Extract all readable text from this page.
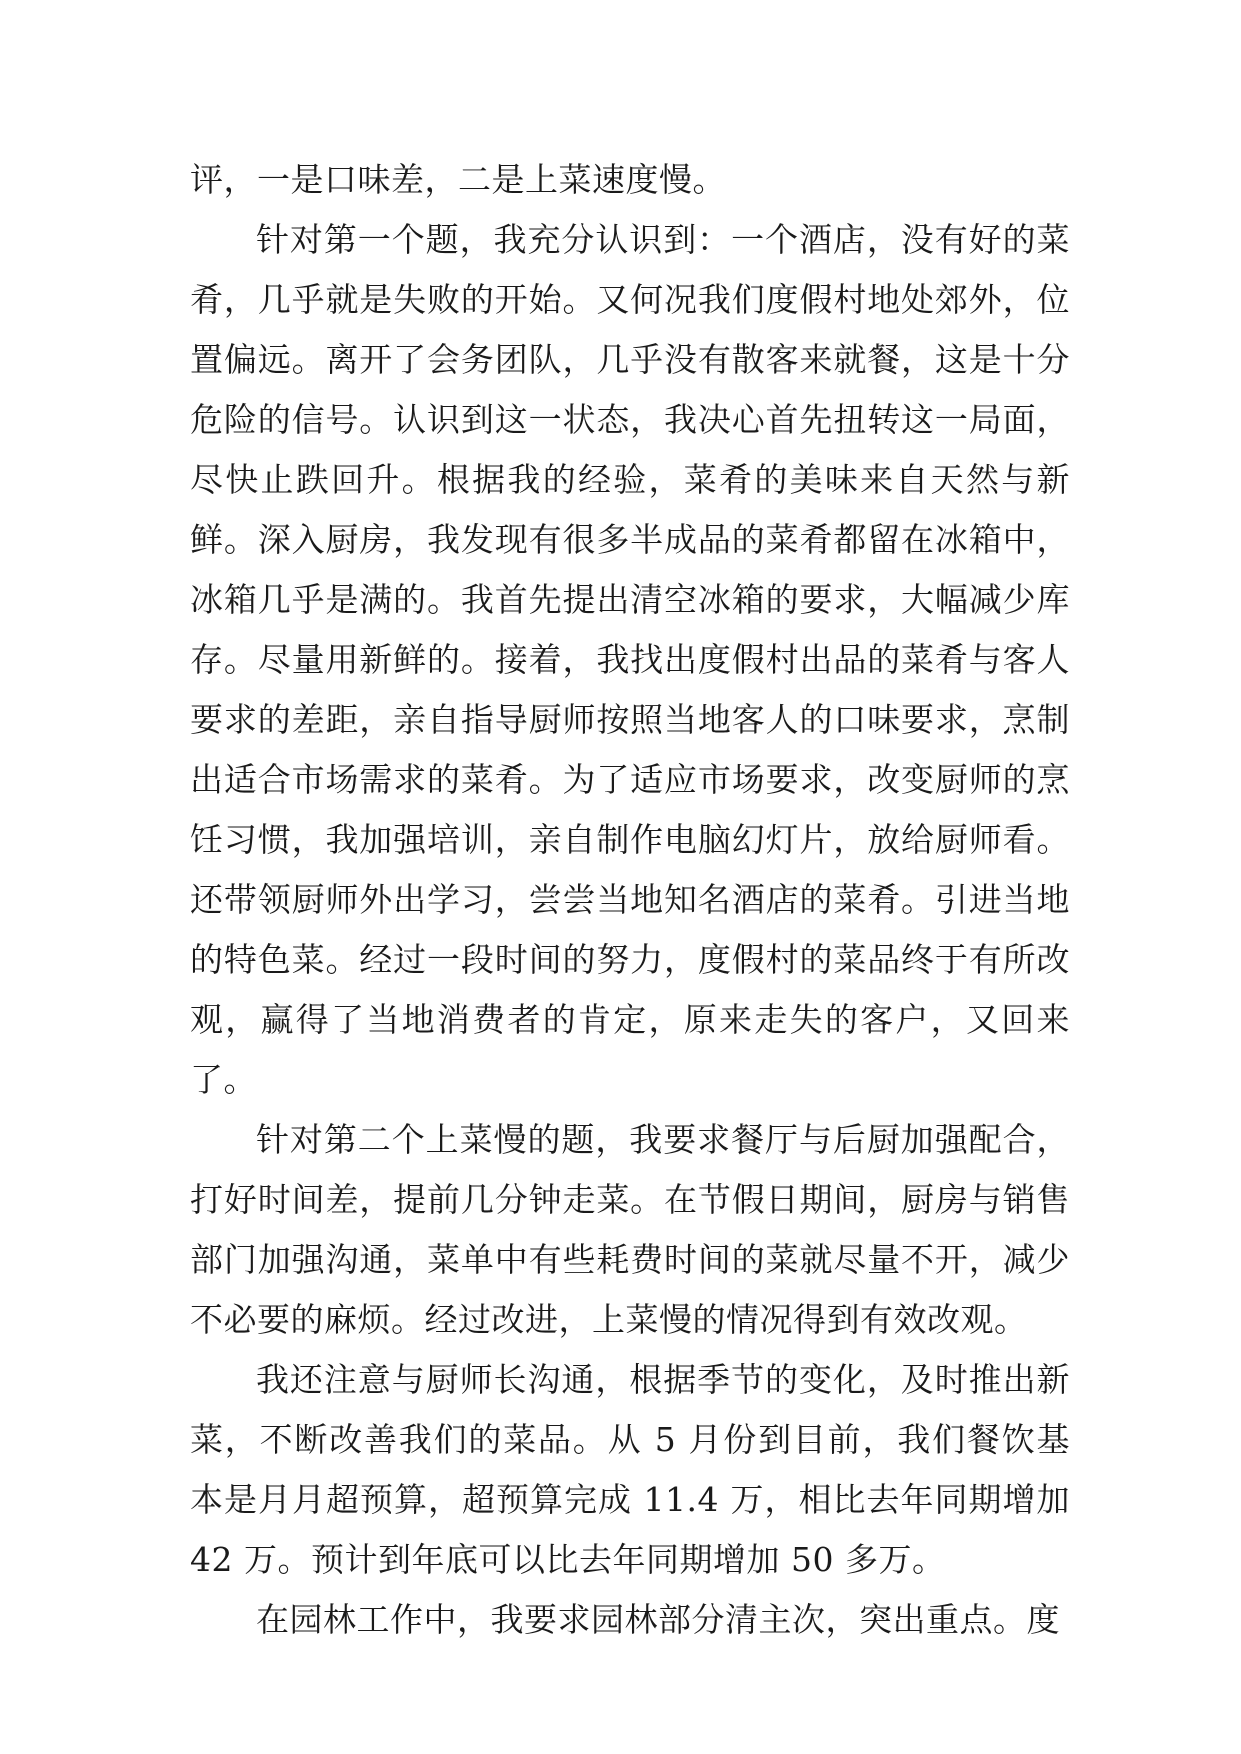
评，一是口味差，二是上菜速度慢。

针对第一个题，我充分认识到：一个酒店，没有好的菜肴，几乎就是失败的开始。又何况我们度假村地处郊外，位置偏远。离开了会务团队，几乎没有散客来就餐，这是十分危险的信号。认识到这一状态，我决心首先扭转这一局面，尽快止跌回升。根据我的经验，菜肴的美味来自天然与新鲜。深入厨房，我发现有很多半成品的菜肴都留在冰箱中，冰箱几乎是满的。我首先提出清空冰箱的要求，大幅减少库存。尽量用新鲜的。接着，我找出度假村出品的菜肴与客人要求的差距，亲自指导厨师按照当地客人的口味要求，烹制出适合市场需求的菜肴。为了适应市场要求，改变厨师的烹饪习惯，我加强培训，亲自制作电脑幻灯片，放给厨师看。还带领厨师外出学习，尝尝当地知名酒店的菜肴。引进当地的特色菜。经过一段时间的努力，度假村的菜品终于有所改观，赢得了当地消费者的肯定，原来走失的客户，又回来了。

针对第二个上菜慢的题，我要求餐厅与后厨加强配合，打好时间差，提前几分钟走菜。在节假日期间，厨房与销售部门加强沟通，菜单中有些耗费时间的菜就尽量不开，减少不必要的麻烦。经过改进，上菜慢的情况得到有效改观。

我还注意与厨师长沟通，根据季节的变化，及时推出新菜，不断改善我们的菜品。从 5 月份到目前，我们餐饮基本是月月超预算，超预算完成 11.4 万，相比去年同期增加 42 万。预计到年底可以比去年同期增加 50 多万。

在园林工作中，我要求园林部分清主次，突出重点。度
